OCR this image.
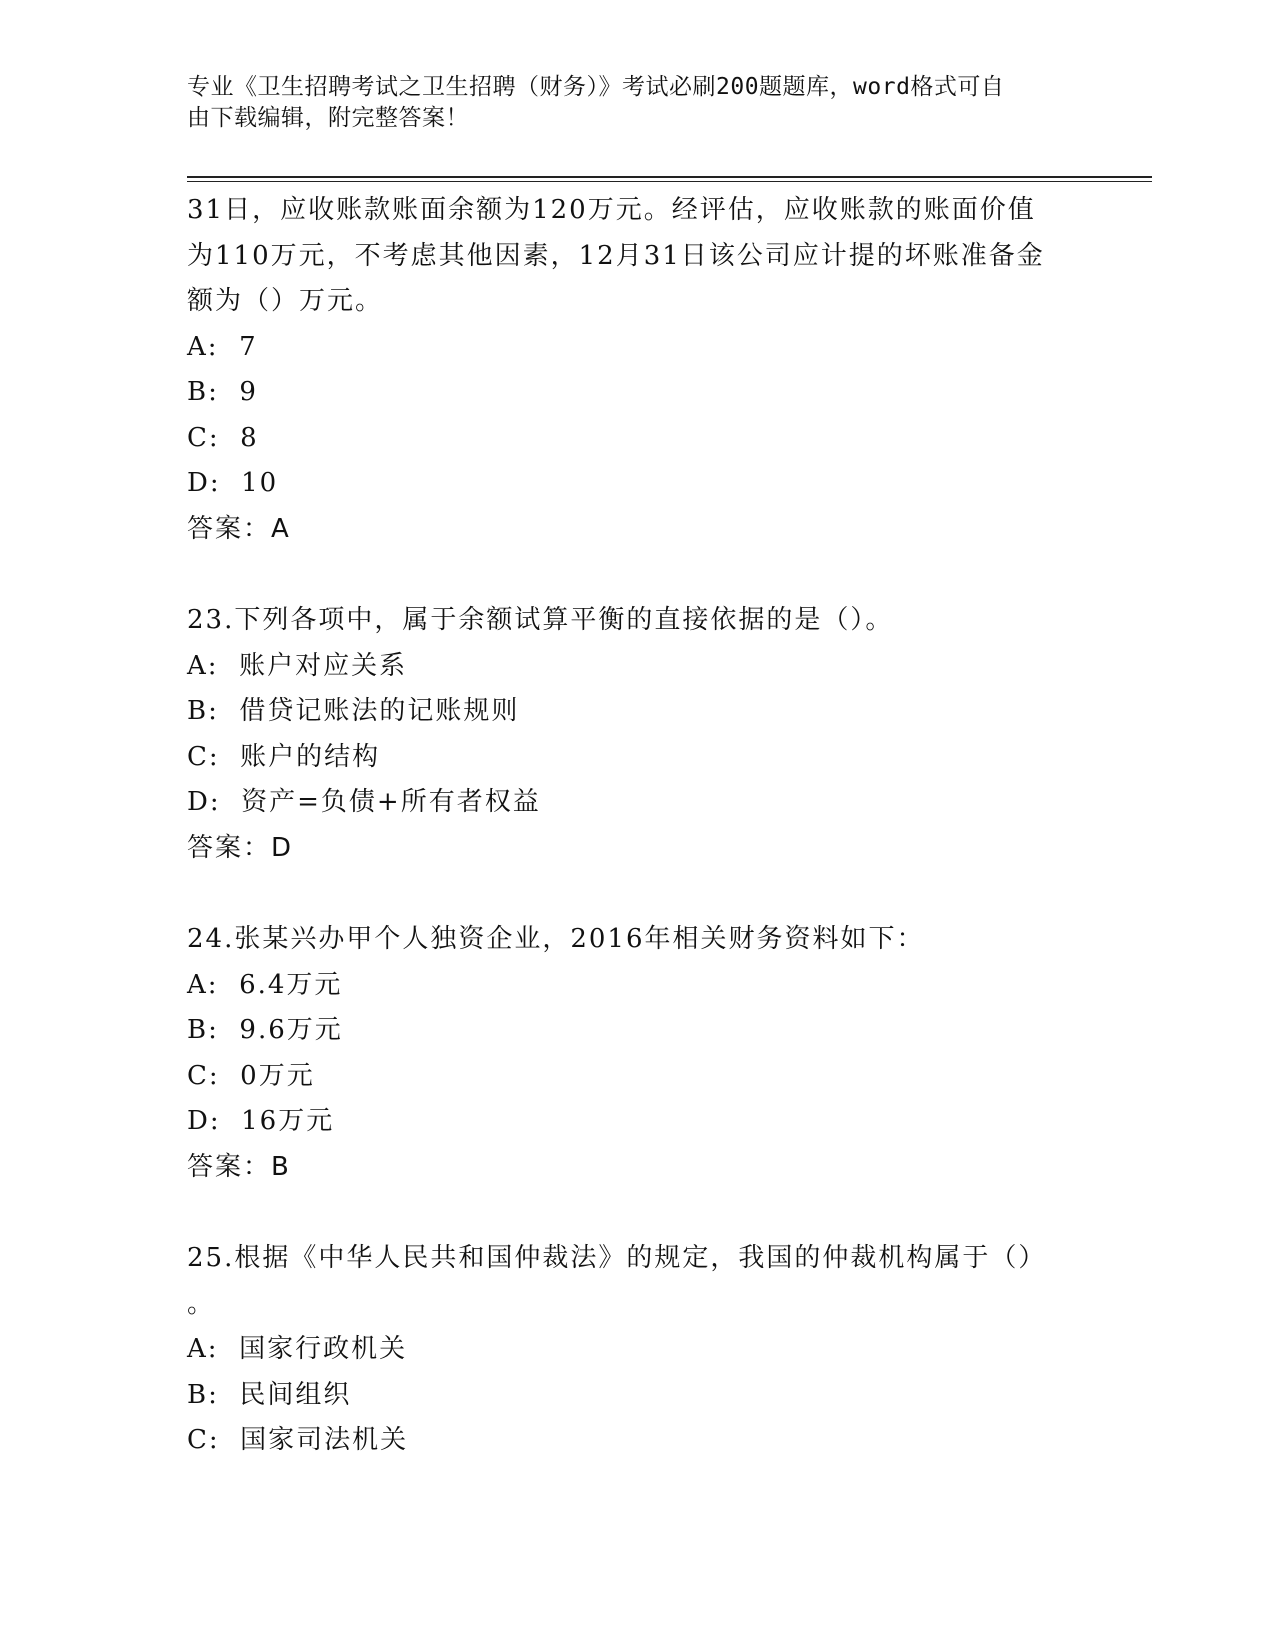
专业《卫生招聘考试之卫生招聘（财务）》考试必刷200题题库，word格式可自
由下载编辑，附完整答案！
31日，应收账款账面余额为120万元。经评估，应收账款的账面价值
为110万元，不考虑其他因素，12月31日该公司应计提的坏账准备金
额为（）万元。
A:  7
B:  9
C:  8
D:  10
答案：A
23.下列各项中，属于余额试算平衡的直接依据的是（）。
A:  账户对应关系
B:  借贷记账法的记账规则
C:  账户的结构
D:  资产=负债+所有者权益
答案：D
24.张某兴办甲个人独资企业，2016年相关财务资料如下：
A:  6.4万元
B:  9.6万元
C:  0万元
D:  16万元
答案：B
25.根据《中华人民共和国仲裁法》的规定，我国的仲裁机构属于（）
。
A:  国家行政机关
B:  民间组织
C:  国家司法机关
